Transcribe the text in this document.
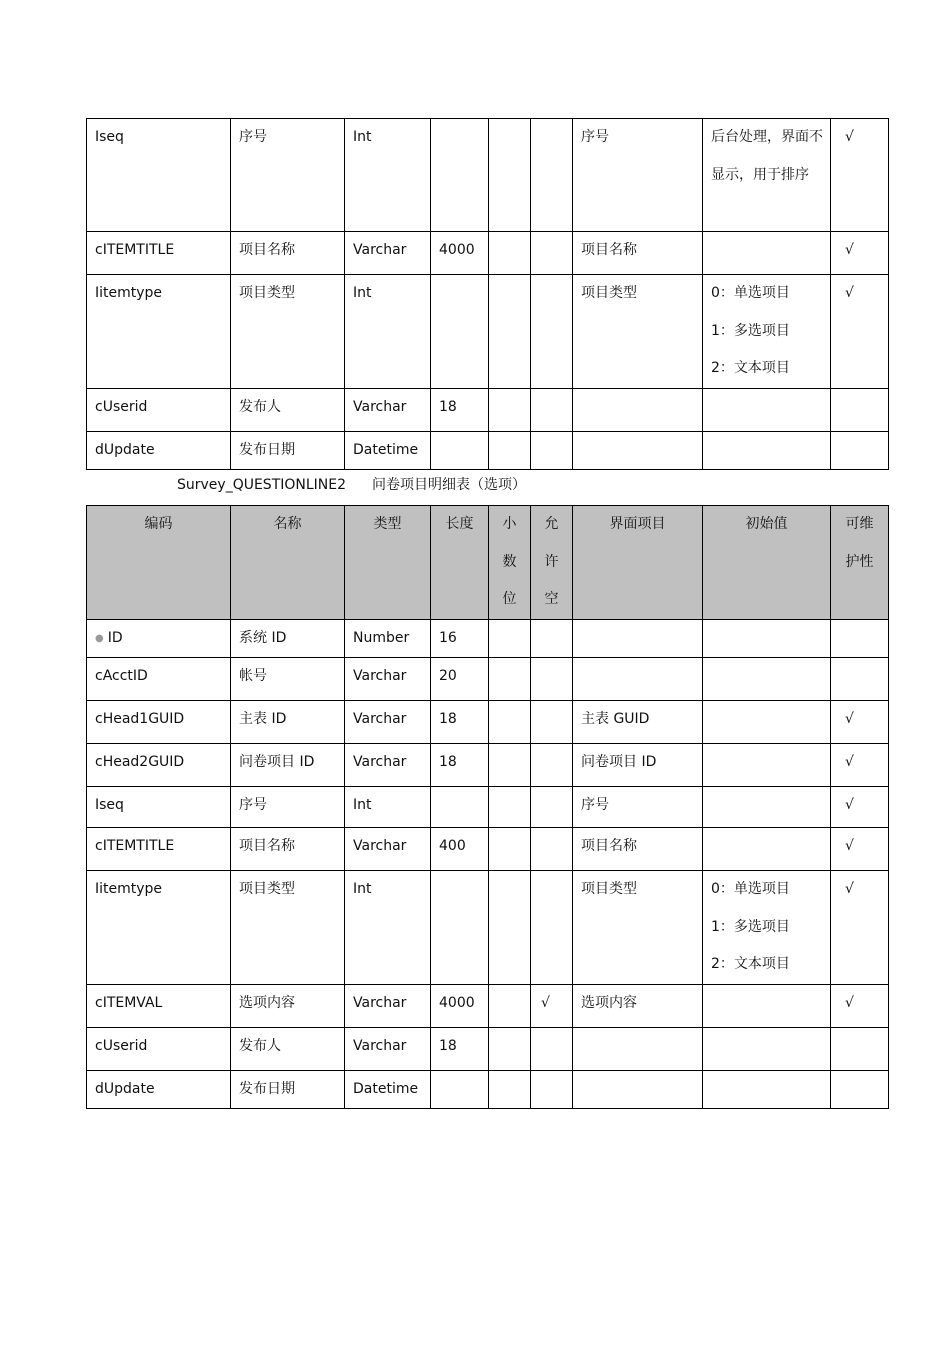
Iseq	序号	Int				序号	后台处理，界面不显示，用于排序	√
cITEMTITLE	项目名称	Varchar	4000			项目名称		√
Iitemtype	项目类型	Int				项目类型	0：单选项目
1：多选项目
2：文本项目	√
cUserid	发布人	Varchar	18					
dUpdate	发布日期	Datetime						
Survey_QUESTIONLINE2 问卷项目明细表（选项）
编码	名称	类型	长度	小数位	允许空	界面项目	初始值	可维护性
● ID	系统 ID	Number	16					
cAcctID	帐号	Varchar	20					
cHead1GUID	主表 ID	Varchar	18			主表 GUID		√
cHead2GUID	问卷项目 ID	Varchar	18			问卷项目 ID		√
Iseq	序号	Int				序号		√
cITEMTITLE	项目名称	Varchar	400			项目名称		√
Iitemtype	项目类型	Int				项目类型	0：单选项目
1：多选项目
2：文本项目	√
cITEMVAL	选项内容	Varchar	4000		√	选项内容		√
cUserid	发布人	Varchar	18					
dUpdate	发布日期	Datetime						
